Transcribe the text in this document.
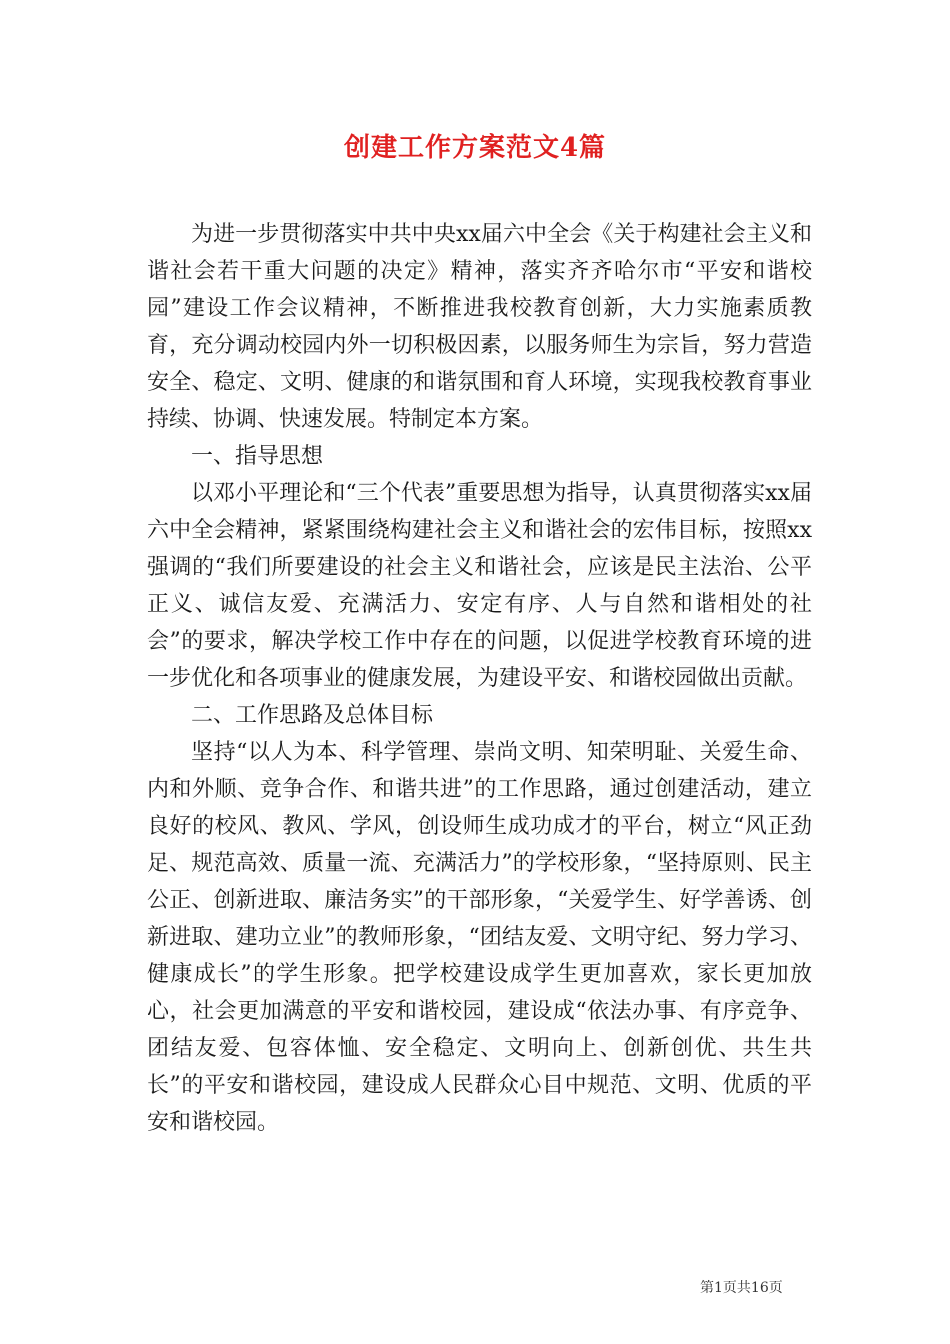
创建工作方案范文4篇

为进一步贯彻落实中共中央xx届六中全会《关于构建社会主义和谐社会若干重大问题的决定》精神，落实齐齐哈尔市“平安和谐校园”建设工作会议精神，不断推进我校教育创新，大力实施素质教育，充分调动校园内外一切积极因素，以服务师生为宗旨，努力营造安全、稳定、文明、健康的和谐氛围和育人环境，实现我校教育事业持续、协调、快速发展。特制定本方案。

一、指导思想

以邓小平理论和“三个代表”重要思想为指导，认真贯彻落实xx届六中全会精神，紧紧围绕构建社会主义和谐社会的宏伟目标，按照xx强调的“我们所要建设的社会主义和谐社会，应该是民主法治、公平正义、诚信友爱、充满活力、安定有序、人与自然和谐相处的社会”的要求，解决学校工作中存在的问题，以促进学校教育环境的进一步优化和各项事业的健康发展，为建设平安、和谐校园做出贡献。

二、工作思路及总体目标

坚持“以人为本、科学管理、崇尚文明、知荣明耻、关爱生命、内和外顺、竞争合作、和谐共进”的工作思路，通过创建活动，建立良好的校风、教风、学风，创设师生成功成才的平台，树立“风正劲足、规范高效、质量一流、充满活力”的学校形象，“坚持原则、民主公正、创新进取、廉洁务实”的干部形象，“关爱学生、好学善诱、创新进取、建功立业”的教师形象，“团结友爱、文明守纪、努力学习、健康成长”的学生形象。把学校建设成学生更加喜欢，家长更加放心，社会更加满意的平安和谐校园，建设成“依法办事、有序竞争、团结友爱、包容体恤、安全稳定、文明向上、创新创优、共生共长”的平安和谐校园，建设成人民群众心目中规范、文明、优质的平安和谐校园。

第1页共16页
